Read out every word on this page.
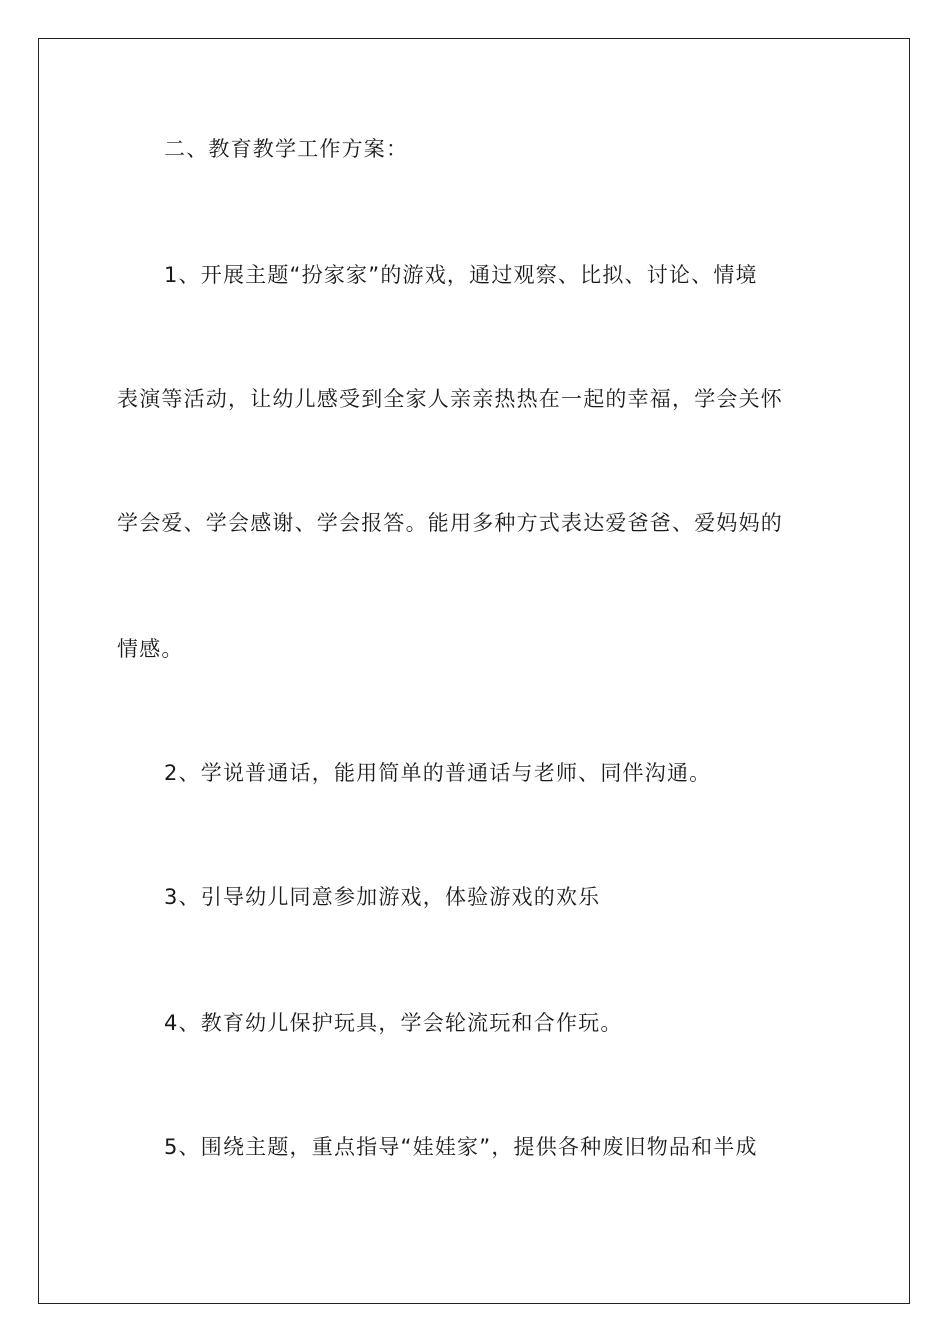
二、教育教学工作方案：
1、开展主题“扮家家”的游戏，通过观察、比拟、讨论、情境
表演等活动，让幼儿感受到全家人亲亲热热在一起的幸福，学会关怀
学会爱、学会感谢、学会报答。能用多种方式表达爱爸爸、爱妈妈的
情感。
2、学说普通话，能用简单的普通话与老师、同伴沟通。
3、引导幼儿同意参加游戏，体验游戏的欢乐
4、教育幼儿保护玩具，学会轮流玩和合作玩。
5、围绕主题，重点指导“娃娃家”，提供各种废旧物品和半成
